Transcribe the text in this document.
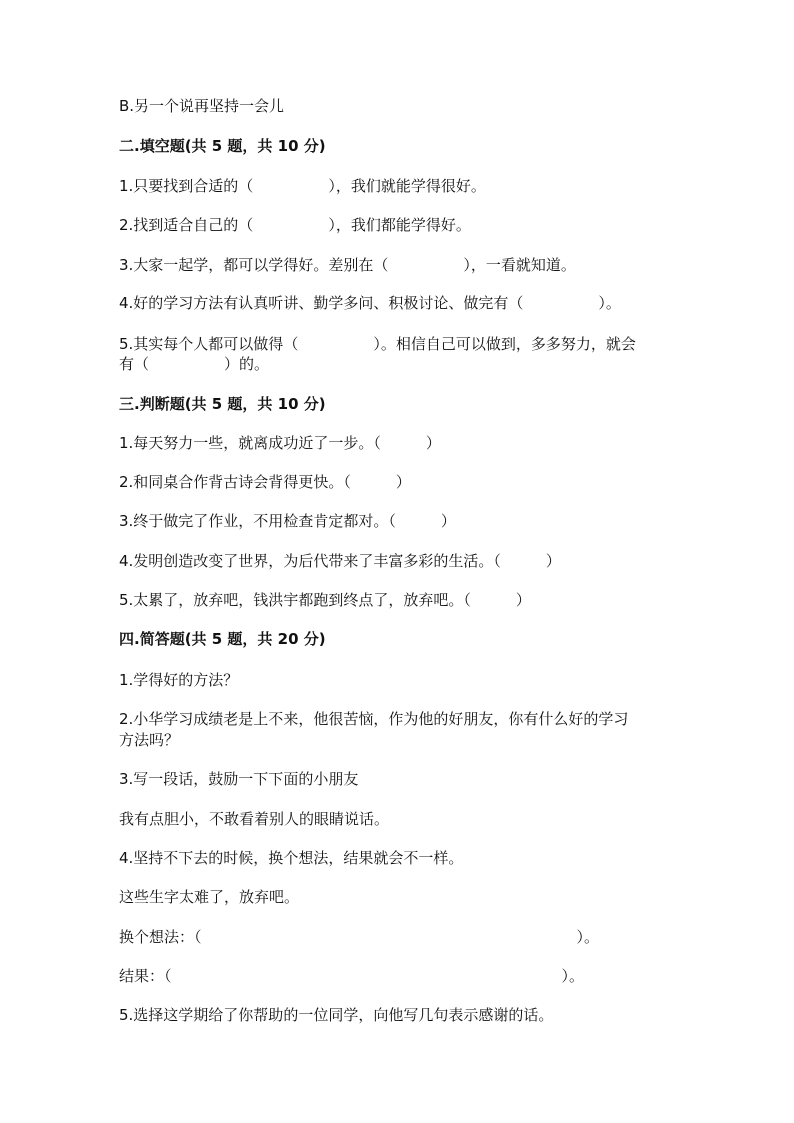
B.另一个说再坚持一会儿
二.填空题(共 5 题，共 10 分)
1.只要找到合适的（　　　　　），我们就能学得很好。
2.找到适合自己的（　　　　　），我们都能学得好。
3.大家一起学，都可以学得好。差别在（　　　　　），一看就知道。
4.好的学习方法有认真听讲、勤学多问、积极讨论、做完有（　　　　　）。
5.其实每个人都可以做得（　　　　　）。相信自己可以做到，多多努力，就会
有（　　　　　）的。
三.判断题(共 5 题，共 10 分)
1.每天努力一些，就离成功近了一步。（　　　）
2.和同桌合作背古诗会背得更快。（　　　）
3.终于做完了作业，不用检查肯定都对。（　　　）
4.发明创造改变了世界，为后代带来了丰富多彩的生活。（　　　）
5.太累了，放弃吧，钱洪宇都跑到终点了，放弃吧。（　　　）
四.简答题(共 5 题，共 20 分)
1.学得好的方法？
2.小华学习成绩老是上不来，他很苦恼，作为他的好朋友，你有什么好的学习
方法吗？
3.写一段话，鼓励一下下面的小朋友
我有点胆小，不敢看着别人的眼睛说话。
4.坚持不下去的时候，换个想法，结果就会不一样。
这些生字太难了，放弃吧。
换个想法：（　　　　　　　　　　　　　　　　　　　　　　　　　）。
结果：（　　　　　　　　　　　　　　　　　　　　　　　　　　）。
5.选择这学期给了你帮助的一位同学，向他写几句表示感谢的话。
